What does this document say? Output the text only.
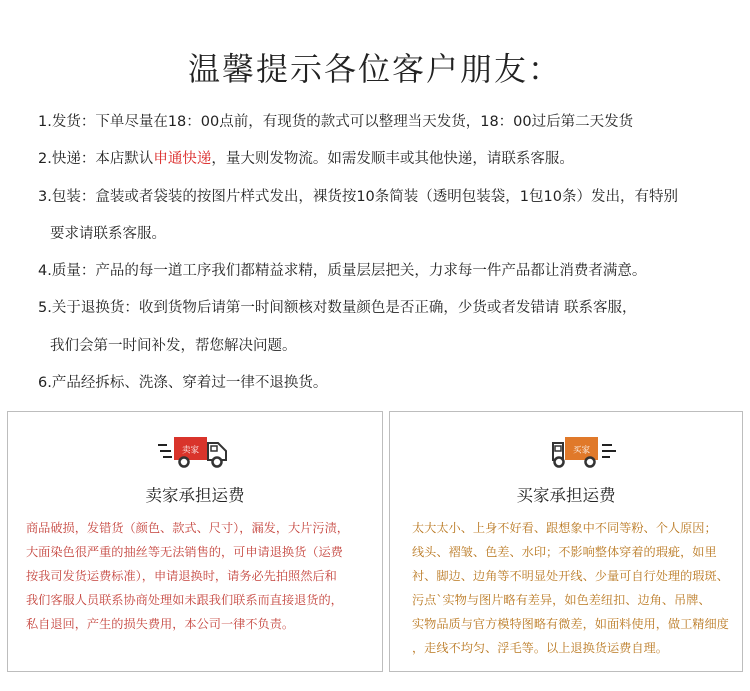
温馨提示各位客户朋友：
1.发货：下单尽量在18：00点前，有现货的款式可以整理当天发货，18：00过后第二天发货
2.快递：本店默认申通快递，量大则发物流。如需发顺丰或其他快递，请联系客服。
3.包装：盒装或者袋装的按图片样式发出，裸货按10条简装（透明包装袋，1包10条）发出，有特别
要求请联系客服。
4.质量：产品的每一道工序我们都精益求精，质量层层把关，力求每一件产品都让消费者满意。
5.关于退换货：收到货物后请第一时间额核对数量颜色是否正确，少货或者发错请 联系客服，
我们会第一时间补发，帮您解决问题。
6.产品经拆标、洗涤、穿着过一律不退换货。
卖家
卖家承担运费
商品破损，发错货（颜色、款式、尺寸），漏发，大片污渍，
大面染色很严重的抽丝等无法销售的，可申请退换货（运费
按我司发货运费标准），申请退换时，请务必先拍照然后和
我们客服人员联系协商处理如未跟我们联系而直接退货的，
私自退回，产生的损失费用，本公司一律不负责。
买家
买家承担运费
太大太小、上身不好看、跟想象中不同等粉、个人原因；
线头、褶皱、色差、水印；不影响整体穿着的瑕疵，如里
衬、脚边、边角等不明显处开线、少量可自行处理的瑕斑、
污点`实物与图片略有差异，如色差纽扣、边角、吊牌、
实物品质与官方模特图略有微差，如面料使用，做工精细度
，走线不均匀、浮毛等。以上退换货运费自理。
